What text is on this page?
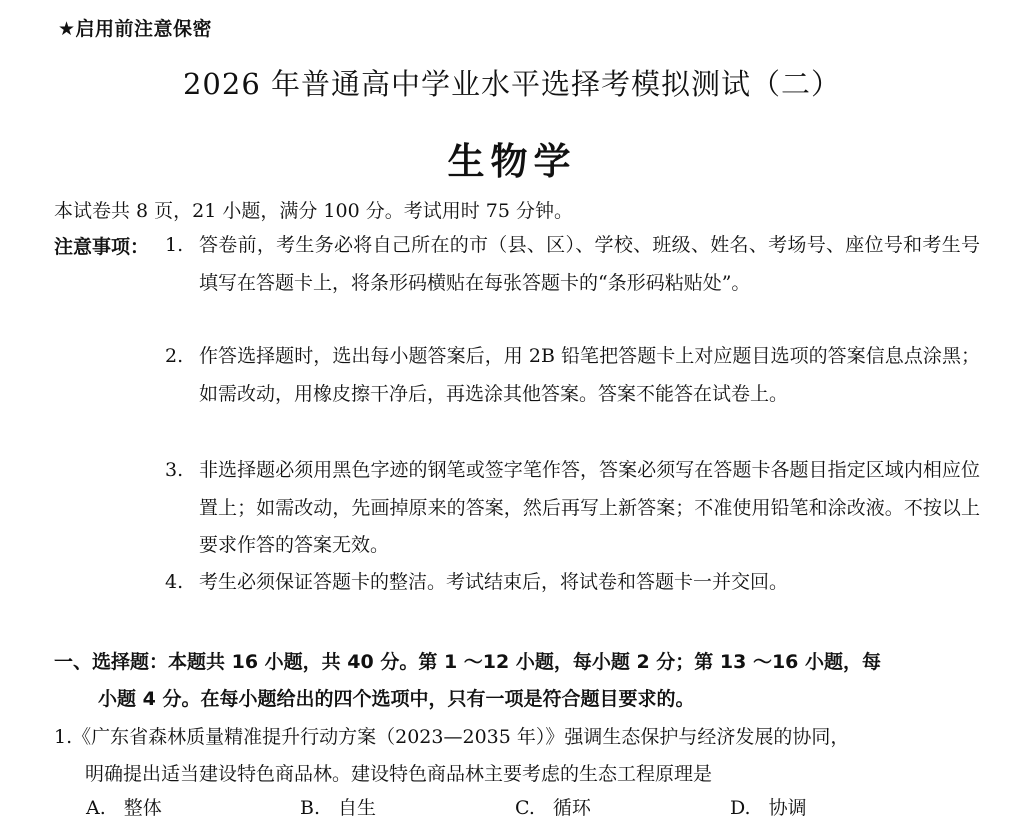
★启用前注意保密
2026 年普通高中学业水平选择考模拟测试（二）
生物学
本试卷共 8 页，21 小题，满分 100 分。考试用时 75 分钟。
注意事项： 1. 答卷前，考生务必将自己所在的市（县、区）、学校、班级、姓名、考场号、座位号和考生号填写在答题卡上，将条形码横贴在每张答题卡的“条形码粘贴处”。
2. 作答选择题时，选出每小题答案后，用 2B 铅笔把答题卡上对应题目选项的答案信息点涂黑；如需改动，用橡皮擦干净后，再选涂其他答案。答案不能答在试卷上。
3. 非选择题必须用黑色字迹的钢笔或签字笔作答，答案必须写在答题卡各题目指定区域内相应位置上；如需改动，先画掉原来的答案，然后再写上新答案；不准使用铅笔和涂改液。不按以上要求作答的答案无效。
4. 考生必须保证答题卡的整洁。考试结束后，将试卷和答题卡一并交回。
一、选择题：本题共 16 小题，共 40 分。第 1 ～12 小题，每小题 2 分；第 13 ～16 小题，每
小题 4 分。在每小题给出的四个选项中，只有一项是符合题目要求的。
1.《广东省森林质量精准提升行动方案（2023—2035 年）》强调生态保护与经济发展的协同，
明确提出适当建设特色商品林。建设特色商品林主要考虑的生态工程原理是
A. 整体	B. 自生	C. 循环	D. 协调
